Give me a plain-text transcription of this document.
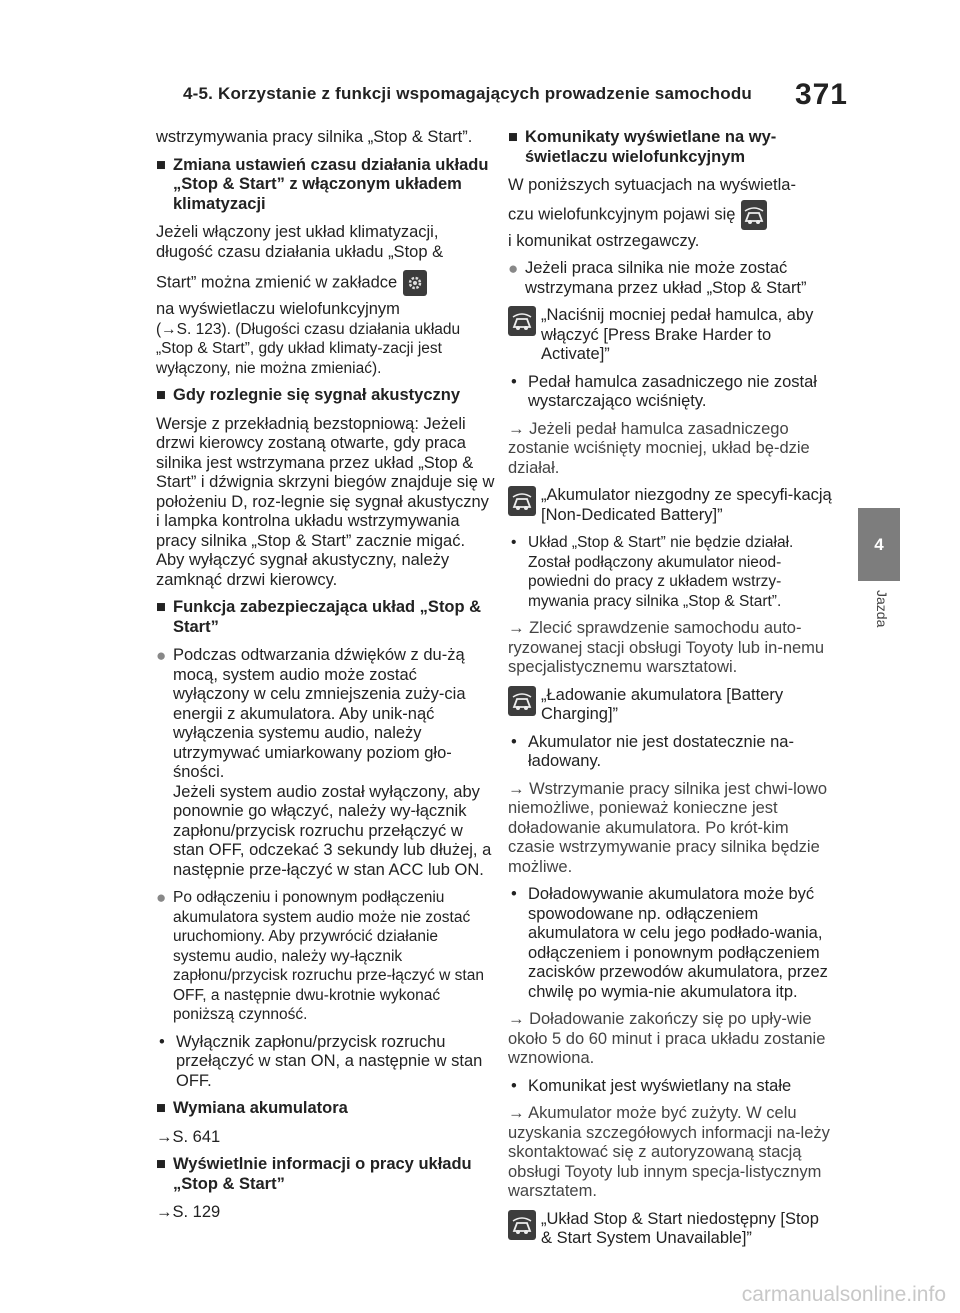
4-5. Korzystanie z funkcji wspomagających prowadzenie samochodu 371
4
Jazda

wstrzymywania pracy silnika „Stop & Start”.

■ Zmiana ustawień czasu działania układu „Stop & Start” z włączonym układem klimatyzacji

Jeżeli włączony jest układ klimatyzacji, długość czasu działania układu „Stop &

Start” można zmienić w zakładce

na wyświetlaczu wielofunkcyjnym

(→S. 123). (Długości czasu działania układu „Stop & Start”, gdy układ klimaty-zacji jest wyłączony, nie można zmieniać).

■ Gdy rozlegnie się sygnał akustyczny

Wersje z przekładnią bezstopniową: Jeżeli drzwi kierowcy zostaną otwarte, gdy praca silnika jest wstrzymana przez układ „Stop & Start” i dźwignia skrzyni biegów znajduje się w położeniu D, roz-legnie się sygnał akustyczny i lampka kontrolna układu wstrzymywania pracy silnika „Stop & Start” zacznie migać. Aby wyłączyć sygnał akustyczny, należy zamknąć drzwi kierowcy.

■ Funkcja zabezpieczająca układ „Stop & Start”
● Podczas odtwarzania dźwięków z du-żą mocą, system audio może zostać wyłączony w celu zmniejszenia zuży-cia energii z akumulatora. Aby unik-nąć wyłączenia systemu audio, należy utrzymywać umiarkowany poziom gło-śności.
Jeżeli system audio został wyłączony, aby ponownie go włączyć, należy wy-łącznik zapłonu/przycisk rozruchu przełączyć w stan OFF, odczekać 3 sekundy lub dłużej, a następnie prze-łączyć w stan ACC lub ON.
● Po odłączeniu i ponownym podłączeniu akumulatora system audio może nie zostać uruchomiony. Aby przywrócić działanie systemu audio, należy wy-łącznik zapłonu/przycisk rozruchu prze-łączyć w stan OFF, a następnie dwu-krotnie wykonać poniższą czynność.
• Wyłącznik zapłonu/przycisk rozruchu przełączyć w stan ON, a następnie w stan OFF.
■ Wymiana akumulatora

→S. 641

■ Wyświetlnie informacji o pracy układu „Stop & Start”

→S. 129

■ Komunikaty wyświetlane na wy-świetlaczu wielofunkcyjnym

W poniższych sytuacjach na wyświetla-

czu wielofunkcyjnym pojawi się

i komunikat ostrzegawczy.

● Jeżeli praca silnika nie może zostać wstrzymana przez układ „Stop & Start”
„Naciśnij mocniej pedał hamulca, aby włączyć [Press Brake Harder to Activate]”
• Pedał hamulca zasadniczego nie został wystarczająco wciśnięty.

→ Jeżeli pedał hamulca zasadniczego zostanie wciśnięty mocniej, układ bę-dzie działał.

„Akumulator niezgodny ze specyfi-kacją [Non-Dedicated Battery]”
• Układ „Stop & Start” nie będzie działał. Został podłączony akumulator nieod-powiedni do pracy z układem wstrzy-mywania pracy silnika „Stop & Start”.

→ Zlecić sprawdzenie samochodu auto-ryzowanej stacji obsługi Toyoty lub in-nemu specjalistycznemu warsztatowi.

„Ładowanie akumulatora [Battery Charging]”
• Akumulator nie jest dostatecznie na-ładowany.

→ Wstrzymanie pracy silnika jest chwi-lowo niemożliwe, ponieważ konieczne jest doładowanie akumulatora. Po krót-kim czasie wstrzymywanie pracy silnika będzie możliwe.

• Doładowywanie akumulatora może być spowodowane np. odłączeniem akumulatora w celu jego podłado-wania, odłączeniem i ponownym podłączeniem zacisków przewodów akumulatora, przez chwilę po wymia-nie akumulatora itp.

→ Doładowanie zakończy się po upły-wie około 5 do 60 minut i praca układu zostanie wznowiona.

• Komunikat jest wyświetlany na stałe

→ Akumulator może być zużyty. W celu uzyskania szczegółowych informacji na-leży skontaktować się z autoryzowaną stacją obsługi Toyoty lub innym specja-listycznym warsztatem.

„Układ Stop & Start niedostępny [Stop & Start System Unavailable]”
carmanualsonline.info
